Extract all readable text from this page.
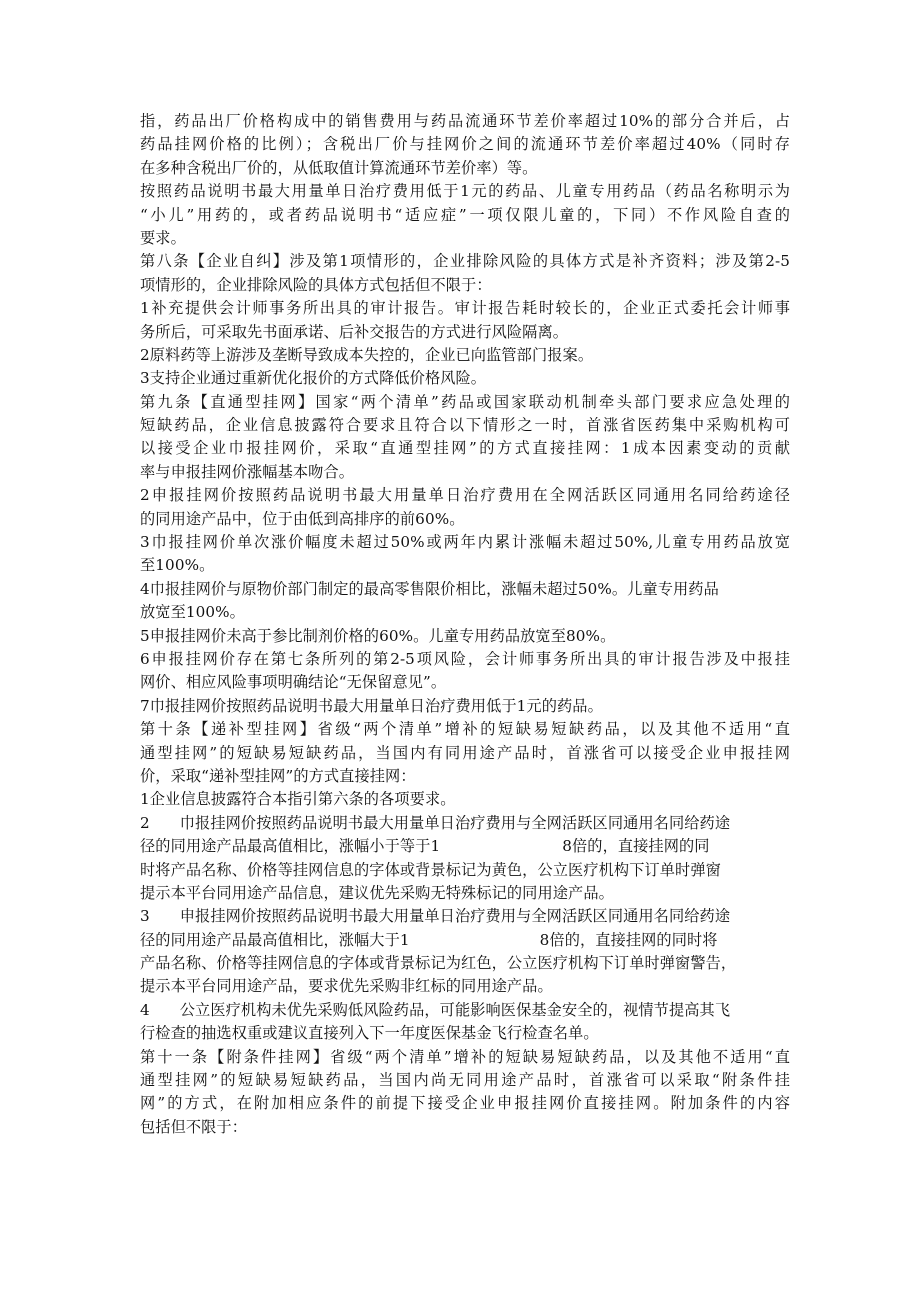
指，药品出厂价格构成中的销售费用与药品流通环节差价率超过10%的部分合并后，占
药品挂网价格的比例）；含税出厂价与挂网价之间的流通环节差价率超过40%（同时存
在多种含税出厂价的，从低取值计算流通环节差价率）等。
按照药品说明书最大用量单日治疗费用低于1元的药品、儿童专用药品（药品名称明示为
“小儿”用药的，或者药品说明书“适应症”一项仅限儿童的，下同）不作风险自查的
要求。
第八条【企业自纠】涉及第1项情形的，企业排除风险的具体方式是补齐资料；涉及第2-5
项情形的，企业排除风险的具体方式包括但不限于：
1补充提供会计师事务所出具的审计报告。审计报告耗时较长的，企业正式委托会计师事
务所后，可采取先书面承诺、后补交报告的方式进行风险隔离。
2原料药等上游涉及垄断导致成本失控的，企业已向监管部门报案。
3支持企业通过重新优化报价的方式降低价格风险。
第九条【直通型挂网】国家“两个清单”药品或国家联动机制牵头部门要求应急处理的
短缺药品，企业信息披露符合要求且符合以下情形之一时，首涨省医药集中采购机构可
以接受企业巾报挂网价，采取“直通型挂网”的方式直接挂网：1成本因素变动的贡献
率与申报挂网价涨幅基本吻合。
2申报挂网价按照药品说明书最大用量单日治疗费用在全网活跃区同通用名同给药途径
的同用途产品中，位于由低到高排序的前60%。
3巾报挂网价单次涨价幅度未超过50%或两年内累计涨幅未超过50%,儿童专用药品放宽
至100%。
4巾报挂网价与原物价部门制定的最高零售限价相比，涨幅未超过50%。儿童专用药品
放宽至100%。
5申报挂网价未高于参比制剂价格的60%。儿童专用药品放宽至80%。
6申报挂网价存在第七条所列的第2-5项风险，会计师事务所出具的审计报告涉及中报挂
网价、相应风险事项明确结论“无保留意见”。
7巾报挂网价按照药品说明书最大用量单日治疗费用低于1元的药品。
第十条【递补型挂网】省级“两个清单”增补的短缺易短缺药品，以及其他不适用“直
通型挂网”的短缺易短缺药品，当国内有同用途产品时，首涨省可以接受企业申报挂网
价，采取“递补型挂网”的方式直接挂网：
1企业信息披露符合本指引第六条的各项要求。
2 巾报挂网价按照药品说明书最大用量单日治疗费用与全网活跃区同通用名同给药途
径的同用途产品最高值相比，涨幅小于等于1	8倍的，直接挂网的同
时将产品名称、价格等挂网信息的字体或背景标记为黄色，公立医疗机构下订单时弹窗
提示本平台同用途产品信息，建议优先采购无特殊标记的同用途产品。
3 申报挂网价按照药品说明书最大用量单日治疗费用与全网活跃区同通用名同给药途
径的同用途产品最高值相比，涨幅大于1	8倍的，直接挂网的同时将
产品名称、价格等挂网信息的字体或背景标记为红色，公立医疗机构下订单时弹窗警告，
提示本平台同用途产品，要求优先采购非红标的同用途产品。
4 公立医疗机构未优先采购低风险药品，可能影响医保基金安全的，视情节提高其飞
行检查的抽选权重或建议直接列入下一年度医保基金飞行检查名单。
第十一条【附条件挂网】省级“两个清单”增补的短缺易短缺药品，以及其他不适用“直
通型挂网”的短缺易短缺药品，当国内尚无同用途产品时，首涨省可以采取“附条件挂
网”的方式，在附加相应条件的前提下接受企业申报挂网价直接挂网。附加条件的内容
包括但不限于：
